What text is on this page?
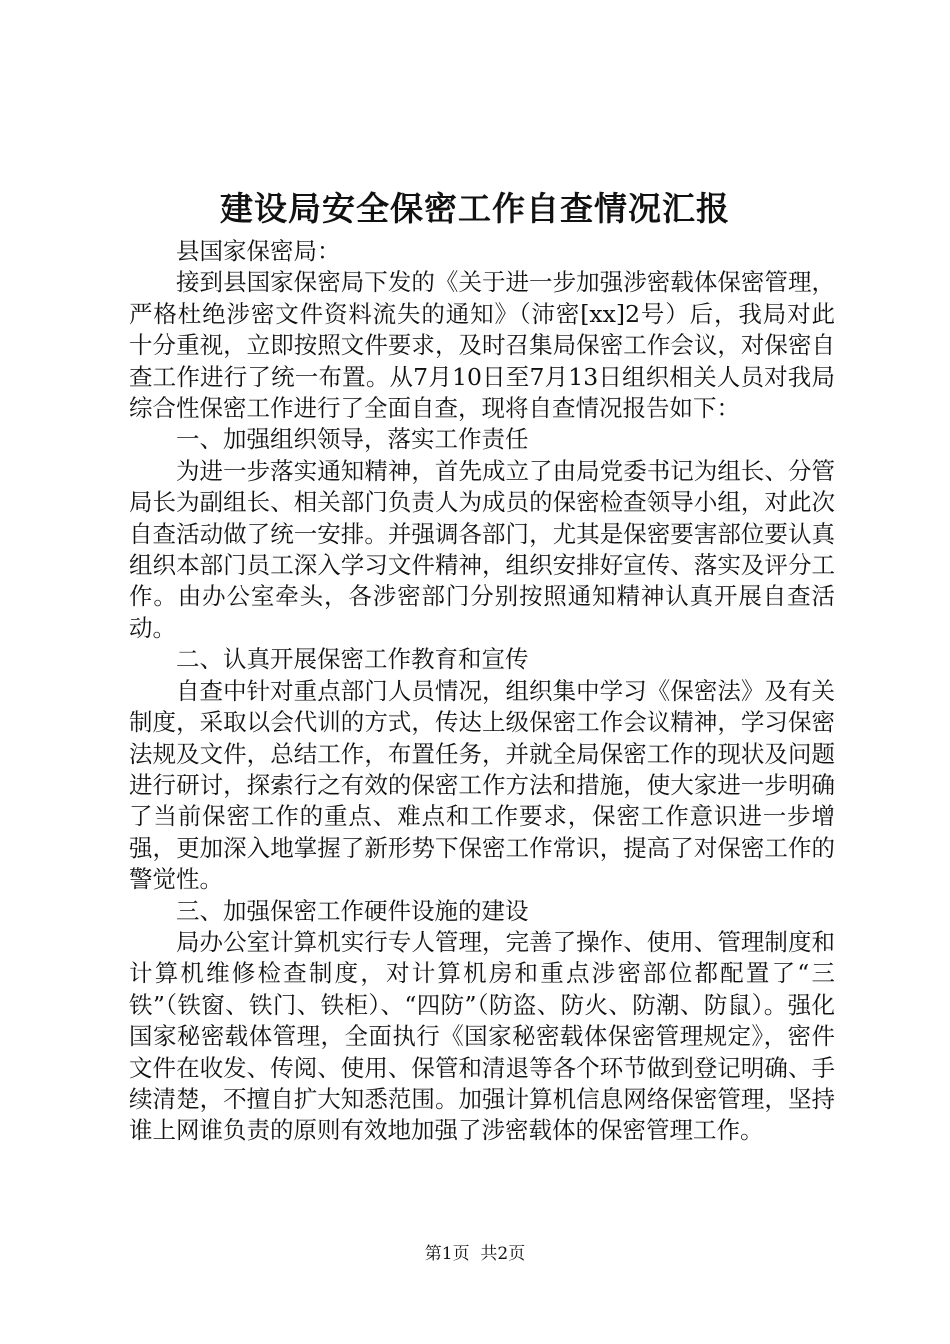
建设局安全保密工作自查情况汇报

县国家保密局：

接到县国家保密局下发的《关于进一步加强涉密载体保密管理，严格杜绝涉密文件资料流失的通知》（沛密[xx]2号）后，我局对此十分重视，立即按照文件要求，及时召集局保密工作会议，对保密自查工作进行了统一布置。从7月10日至7月13日组织相关人员对我局综合性保密工作进行了全面自查，现将自查情况报告如下：

一、加强组织领导，落实工作责任

为进一步落实通知精神，首先成立了由局党委书记为组长、分管局长为副组长、相关部门负责人为成员的保密检查领导小组，对此次自查活动做了统一安排。并强调各部门，尤其是保密要害部位要认真组织本部门员工深入学习文件精神，组织安排好宣传、落实及评分工作。由办公室牵头，各涉密部门分别按照通知精神认真开展自查活动。

二、认真开展保密工作教育和宣传

自查中针对重点部门人员情况，组织集中学习《保密法》及有关制度，采取以会代训的方式，传达上级保密工作会议精神，学习保密法规及文件，总结工作，布置任务，并就全局保密工作的现状及问题进行研讨，探索行之有效的保密工作方法和措施，使大家进一步明确了当前保密工作的重点、难点和工作要求，保密工作意识进一步增强，更加深入地掌握了新形势下保密工作常识，提高了对保密工作的警觉性。

三、加强保密工作硬件设施的建设

局办公室计算机实行专人管理，完善了操作、使用、管理制度和计算机维修检查制度，对计算机房和重点涉密部位都配置了“三铁”（铁窗、铁门、铁柜）、“四防”（防盗、防火、防潮、防鼠）。强化国家秘密载体管理，全面执行《国家秘密载体保密管理规定》，密件文件在收发、传阅、使用、保管和清退等各个环节做到登记明确、手续清楚，不擅自扩大知悉范围。加强计算机信息网络保密管理，坚持谁上网谁负责的原则有效地加强了涉密载体的保密管理工作。

第1页 共2页
